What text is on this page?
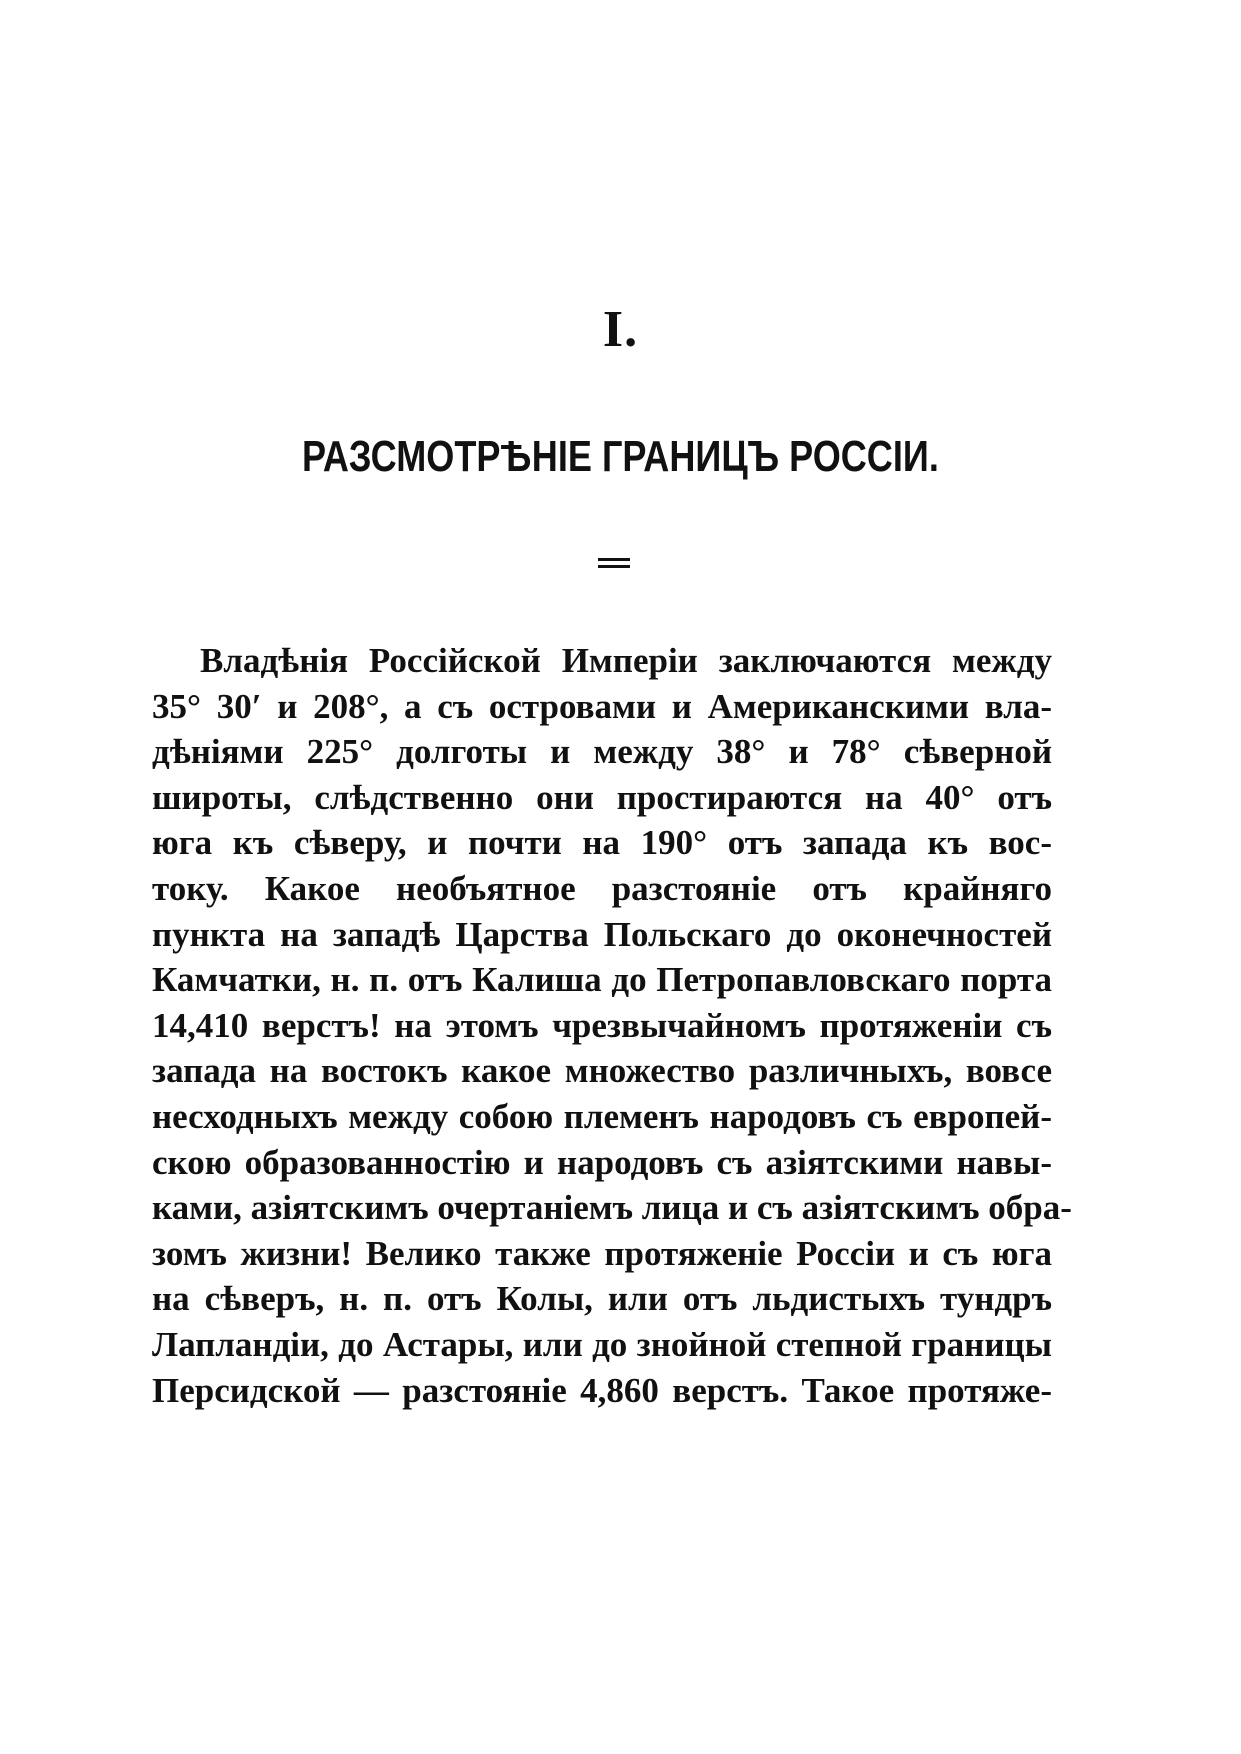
I.
РАЗСМОТРѢНІЕ ГРАНИЦЪ РОССІИ.
Владѣнія Россійской Имперіи заключаются между
35° 30′ и 208°, а съ островами и Американскими вла-
дѣніями 225° долготы и между 38° и 78° сѣверной
широты, слѣдственно они простираются на 40° отъ
юга къ сѣверу, и почти на 190° отъ запада къ вос-
току. Какое необъятное разстояніе отъ крайняго
пункта на западѣ Царства Польскаго до оконечностей
Камчатки, н. п. отъ Калиша до Петропавловскаго порта
14,410 верстъ! на этомъ чрезвычайномъ протяженіи съ
запада на востокъ какое множество различныхъ, вовсе
несходныхъ между собою племенъ народовъ съ европей-
скою образованностію и народовъ съ азіятскими навы-
ками, азіятскимъ очертаніемъ лица и съ азіятскимъ обра-
зомъ жизни! Велико также протяженіе Россіи и съ юга
на сѣверъ, н. п. отъ Колы, или отъ льдистыхъ тундръ
Лапландіи, до Астары, или до знойной степной границы
Персидской — разстояніе 4,860 верстъ. Такое протяже-
